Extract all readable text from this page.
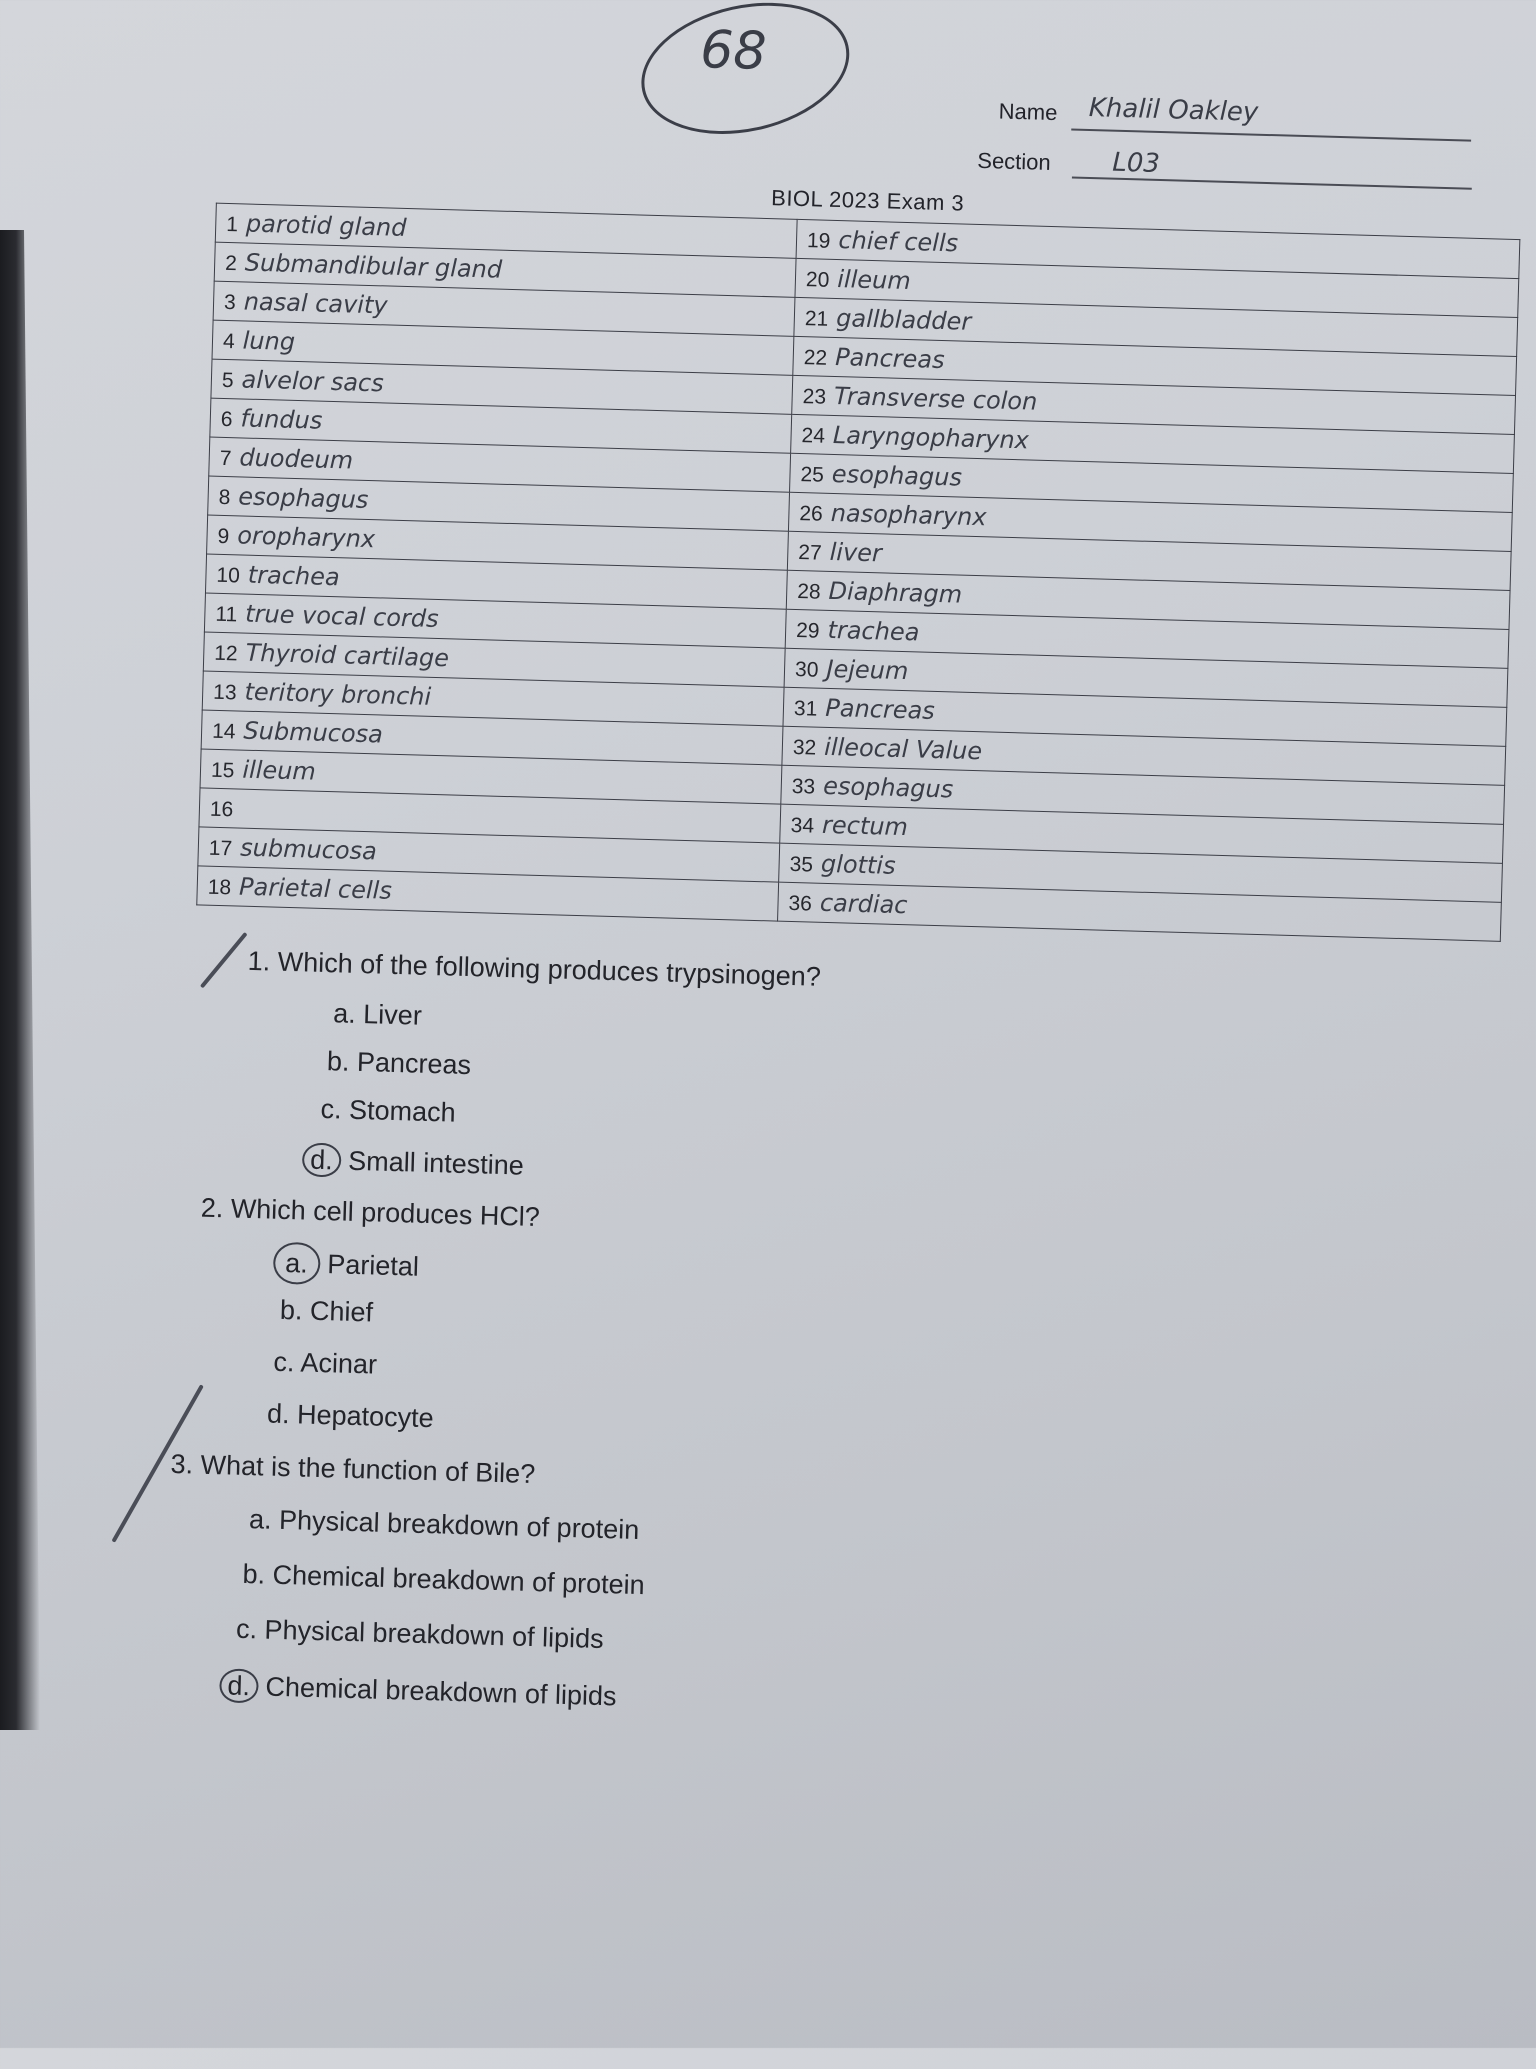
68
Name Khalil Oakley
Section L03
BIOL 2023 Exam 3
1 parotid gland	19 chief cells
2 Submandibular gland	20 illeum
3 nasal cavity	21 gallbladder
4 lung	22 Pancreas
5 alvelor sacs	23 Transverse colon
6 fundus	24 Laryngopharynx
7 duodeum	25 esophagus
8 esophagus	26 nasopharynx
9 oropharynx	27 liver
10 trachea	28 Diaphragm
11 true vocal cords	29 trachea
12 Thyroid cartilage	30 Jejeum
13 teritory bronchi	31 Pancreas
14 Submucosa	32 illeocal Value
15 illeum	33 esophagus
16	34 rectum
17 submucosa	35 glottis
18 Parietal cells	36 cardiac
1. Which of the following produces trypsinogen?
a. Liver
b. Pancreas
c. Stomach
d. Small intestine
2. Which cell produces HCl?
a. Parietal
b. Chief
c. Acinar
d. Hepatocyte
3. What is the function of Bile?
a. Physical breakdown of protein
b. Chemical breakdown of protein
c. Physical breakdown of lipids
d. Chemical breakdown of lipids
